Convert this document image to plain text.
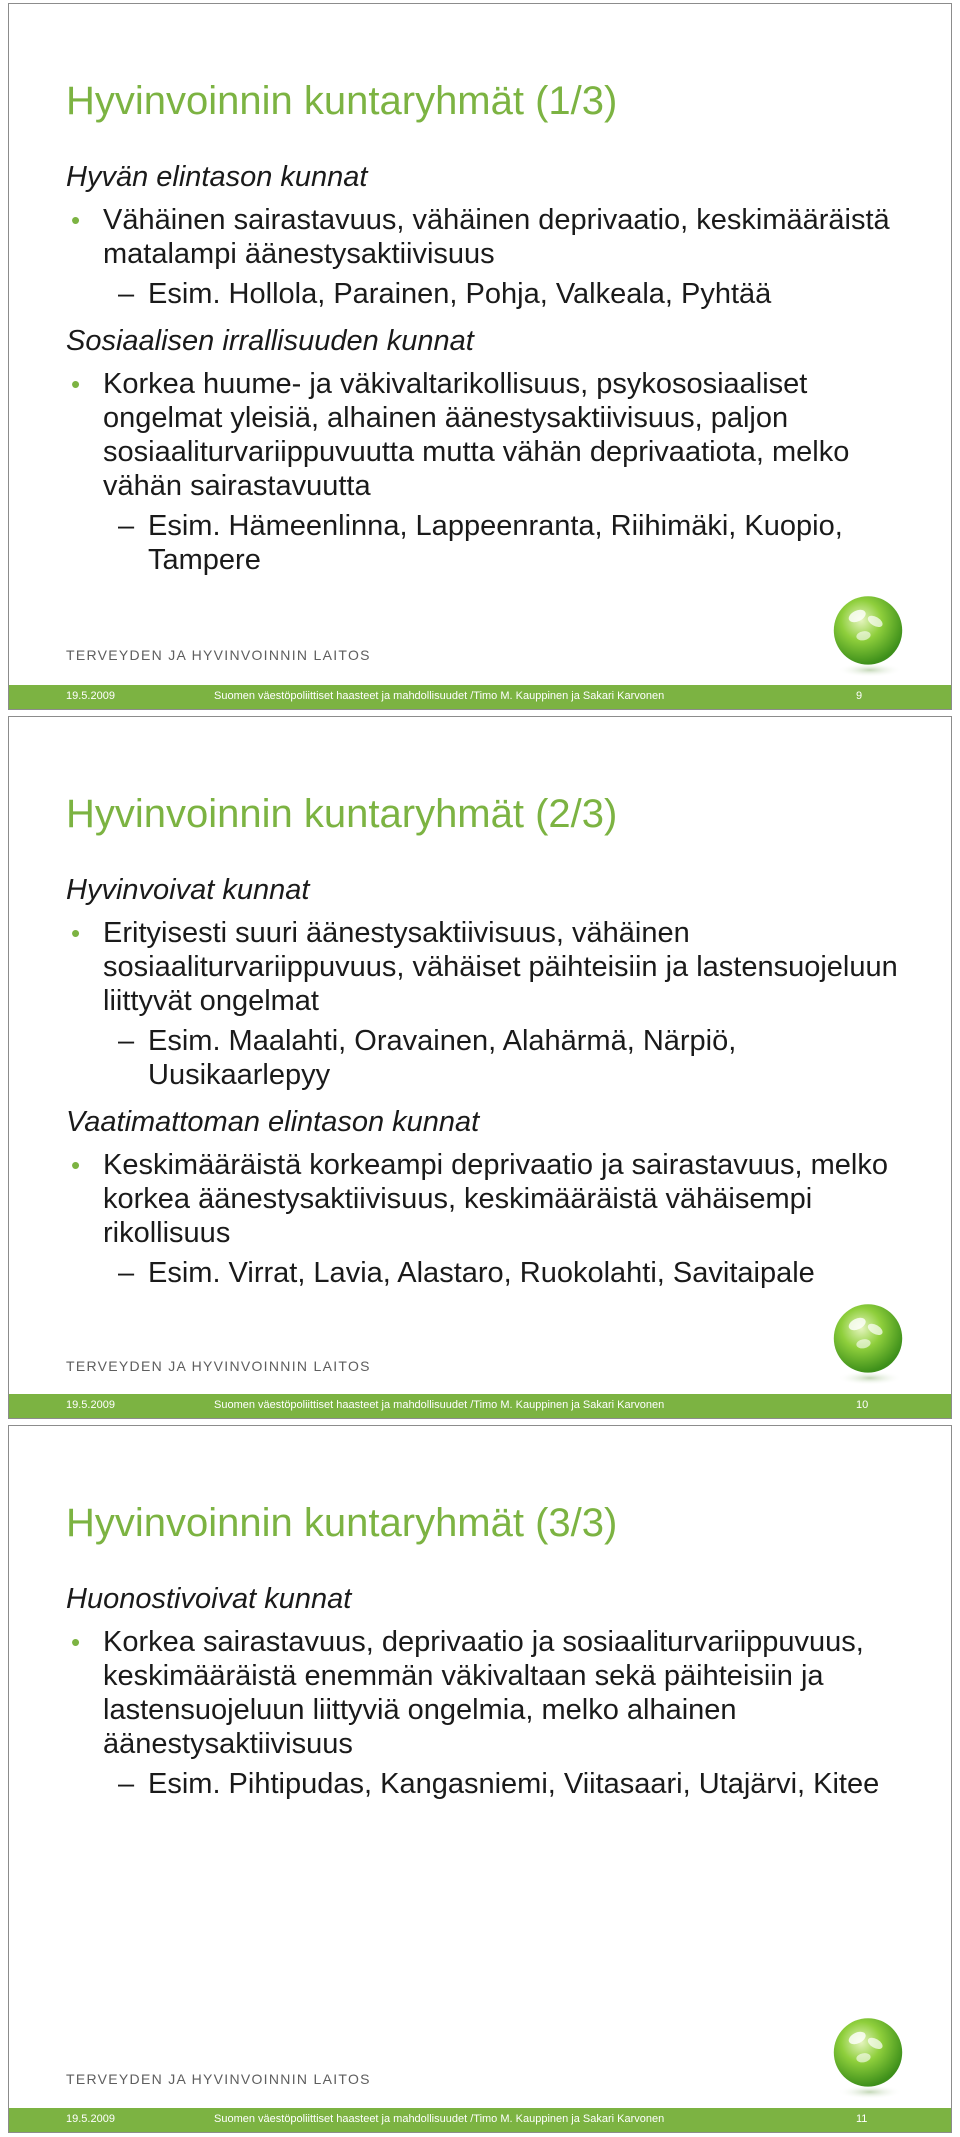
Hyvinvoinnin kuntaryhmät (1/3)
Hyvän elintason kunnat
• Vähäinen sairastavuus, vähäinen deprivaatio, keskimääräistä matalampi äänestysaktiivisuus
– Esim. Hollola, Parainen, Pohja, Valkeala, Pyhtää
Sosiaalisen irrallisuuden kunnat
• Korkea huume- ja väkivaltarikollisuus, psykososiaaliset ongelmat yleisiä, alhainen äänestysaktiivisuus, paljon sosiaaliturvariippuvuutta mutta vähän deprivaatiota, melko vähän sairastavuutta
– Esim. Hämeenlinna, Lappeenranta, Riihimäki, Kuopio, Tampere
TERVEYDEN JA HYVINVOINNIN LAITOS
19.5.2009	Suomen väestöpoliittiset haasteet ja mahdollisuudet /Timo M. Kauppinen ja Sakari Karvonen	9
Hyvinvoinnin kuntaryhmät (2/3)
Hyvinvoivat kunnat
• Erityisesti suuri äänestysaktiivisuus, vähäinen sosiaaliturvariippuvuus, vähäiset päihteisiin ja lastensuojeluun liittyvät ongelmat
– Esim. Maalahti, Oravainen, Alahärmä, Närpiö, Uusikaarlepyy
Vaatimattoman elintason kunnat
• Keskimääräistä korkeampi deprivaatio ja sairastavuus, melko korkea äänestysaktiivisuus, keskimääräistä vähäisempi rikollisuus
– Esim. Virrat, Lavia, Alastaro, Ruokolahti, Savitaipale
TERVEYDEN JA HYVINVOINNIN LAITOS
19.5.2009	Suomen väestöpoliittiset haasteet ja mahdollisuudet /Timo M. Kauppinen ja Sakari Karvonen	10
Hyvinvoinnin kuntaryhmät (3/3)
Huonostivoivat kunnat
• Korkea sairastavuus, deprivaatio ja sosiaaliturvariippuvuus, keskimääräistä enemmän väkivaltaan sekä päihteisiin ja lastensuojeluun liittyviä ongelmia, melko alhainen äänestysaktiivisuus
– Esim. Pihtipudas, Kangasniemi, Viitasaari, Utajärvi, Kitee
TERVEYDEN JA HYVINVOINNIN LAITOS
19.5.2009	Suomen väestöpoliittiset haasteet ja mahdollisuudet /Timo M. Kauppinen ja Sakari Karvonen	11
